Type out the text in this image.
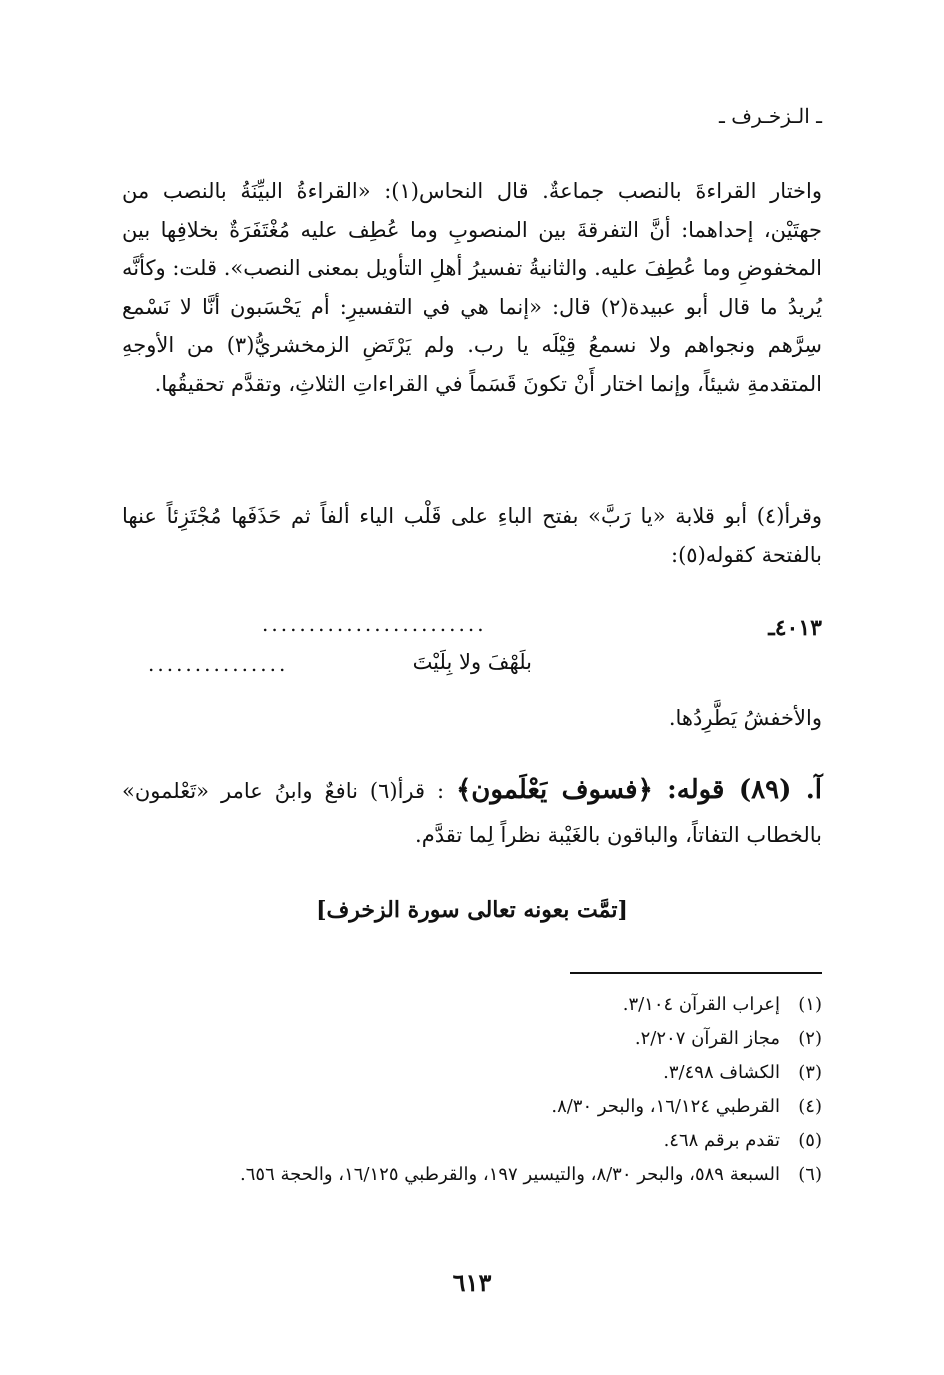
ـ الـزخـرف ـ
واختار القراءةَ بالنصب جماعةٌ. قال النحاس(١): «القراءةُ البيِّنَةُ بالنصب من جهتَيْن، إحداهما: أنَّ التفرقةَ بين المنصوبِ وما عُطِف عليه مُغْتَفَرَةٌ بخلافِها بين المخفوضِ وما عُطِفَ عليه. والثانيةُ تفسيرُ أهلِ التأويل بمعنى النصب». قلت: وكأنَّه يُريدُ ما قال أبو عبيدة(٢) قال: «إنما هي في التفسيرِ: أم يَحْسَبون أنَّا لا نَسْمع سِرَّهم ونجواهم ولا نسمعُ قِيْلَه يا رب. ولم يَرْتَضِ الزمخشريُّ(٣) من الأوجهِ المتقدمةِ شيئاً، وإنما اختار أَنْ تكونَ قَسَماً في القراءاتِ الثلاثِ، وتقدَّم تحقيقُها.
وقرأ(٤) أبو قلابة «يا رَبَّ» بفتح الباءِ على قَلْب الياء ألفاً ثم حَذَفَها مُجْتَزِئاً عنها بالفتحة كقوله(٥):
٤٠١٣ـ
........................
بلَهْفَ ولا بِلَيْتَ
...............
والأخفشُ يَطَّرِدُها.
آ. (٨٩) قوله: ﴿فسوف يَعْلَمون﴾ : قرأ(٦) نافعٌ وابنُ عامر «تَعْلمون» بالخطاب التفاتاً، والباقون بالغَيْبة نظراً لِما تقدَّم.
[تمَّت بعونه تعالى سورة الزخرف]
(١)
إعراب القرآن ٣/١٠٤.
(٢)
مجاز القرآن ٢/٢٠٧.
(٣)
الكشاف ٣/٤٩٨.
(٤)
القرطبي ١٦/١٢٤، والبحر ٨/٣٠.
(٥)
تقدم برقم ٤٦٨.
(٦)
السبعة ٥٨٩، والبحر ٨/٣٠، والتيسير ١٩٧، والقرطبي ١٦/١٢٥، والحجة ٦٥٦.
٦١٣
